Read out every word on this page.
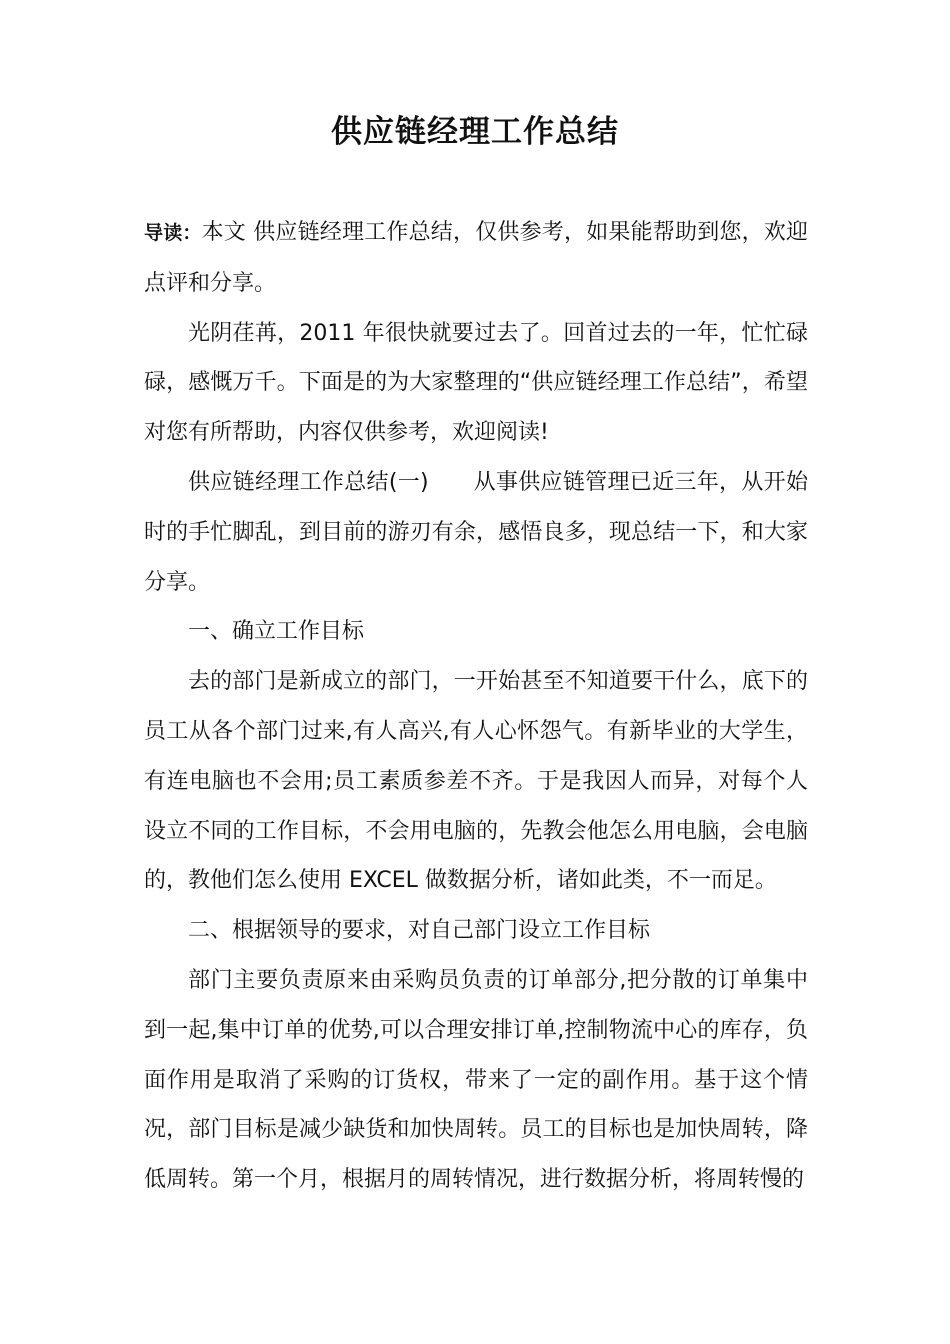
供应链经理工作总结

导读：本文 供应链经理工作总结，仅供参考，如果能帮助到您，欢迎点评和分享。

光阴荏苒，2011 年很快就要过去了。回首过去的一年，忙忙碌碌，感慨万千。下面是的为大家整理的“供应链经理工作总结”，希望对您有所帮助，内容仅供参考，欢迎阅读!

供应链经理工作总结(一)　　从事供应链管理已近三年，从开始时的手忙脚乱，到目前的游刃有余，感悟良多，现总结一下，和大家分享。

一、确立工作目标

去的部门是新成立的部门，一开始甚至不知道要干什么，底下的员工从各个部门过来,有人高兴,有人心怀怨气。有新毕业的大学生，有连电脑也不会用;员工素质参差不齐。于是我因人而异，对每个人设立不同的工作目标，不会用电脑的，先教会他怎么用电脑，会电脑的，教他们怎么使用 EXCEL 做数据分析，诸如此类，不一而足。

二、根据领导的要求，对自己部门设立工作目标

部门主要负责原来由采购员负责的订单部分,把分散的订单集中到一起,集中订单的优势,可以合理安排订单,控制物流中心的库存，负面作用是取消了采购的订货权，带来了一定的副作用。基于这个情况，部门目标是减少缺货和加快周转。员工的目标也是加快周转，降低周转。第一个月，根据月的周转情况，进行数据分析，将周转慢的
